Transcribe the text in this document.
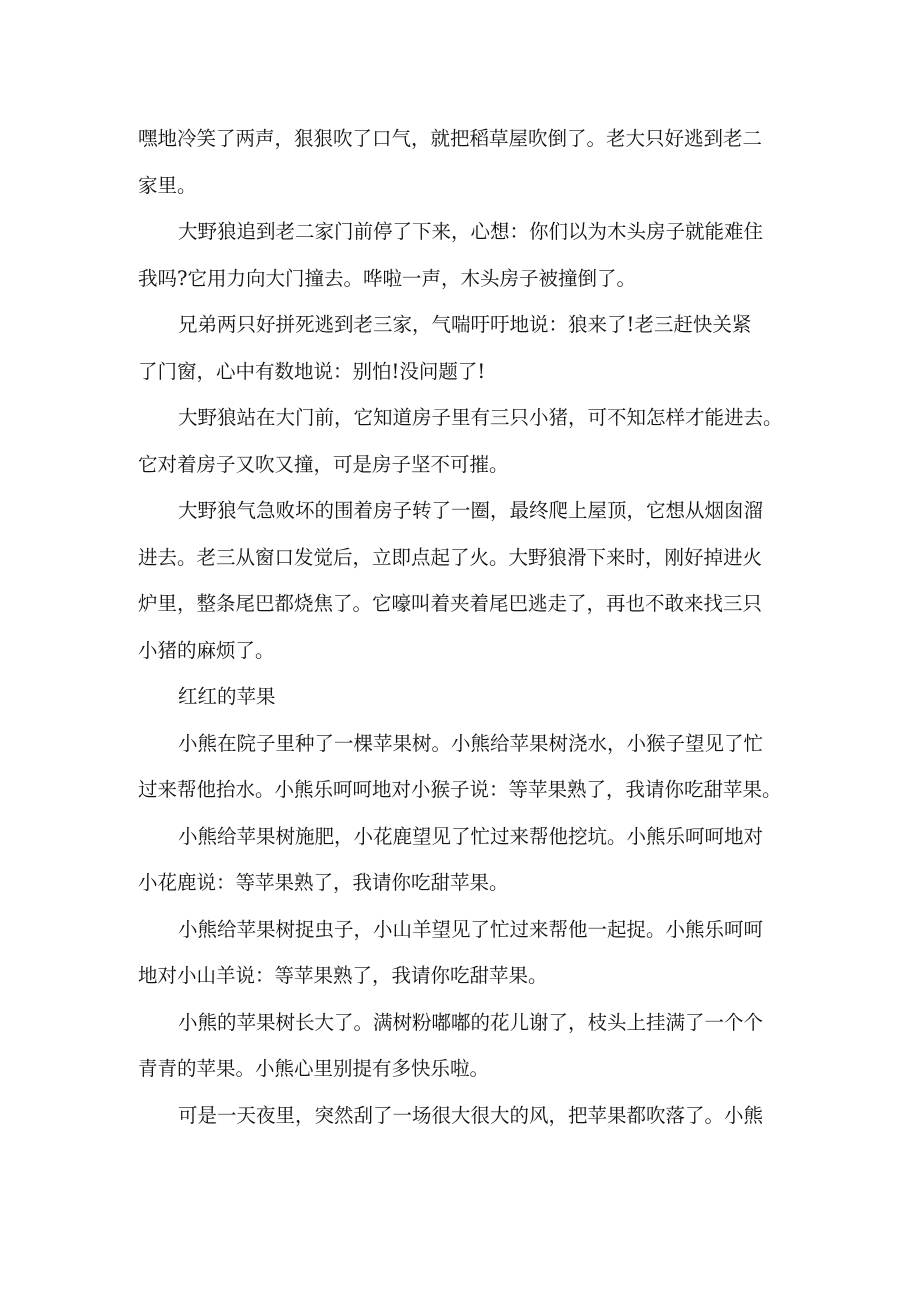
嘿地冷笑了两声，狠狠吹了口气，就把稻草屋吹倒了。老大只好逃到老二
家里。
大野狼追到老二家门前停了下来，心想：你们以为木头房子就能难住
我吗?它用力向大门撞去。哗啦一声，木头房子被撞倒了。
兄弟两只好拼死逃到老三家，气喘吁吁地说：狼来了!老三赶快关紧
了门窗，心中有数地说：别怕!没问题了!
大野狼站在大门前，它知道房子里有三只小猪，可不知怎样才能进去。
它对着房子又吹又撞，可是房子坚不可摧。
大野狼气急败坏的围着房子转了一圈，最终爬上屋顶，它想从烟囱溜
进去。老三从窗口发觉后，立即点起了火。大野狼滑下来时，刚好掉进火
炉里，整条尾巴都烧焦了。它嚎叫着夹着尾巴逃走了，再也不敢来找三只
小猪的麻烦了。
红红的苹果
小熊在院子里种了一棵苹果树。小熊给苹果树浇水，小猴子望见了忙
过来帮他抬水。小熊乐呵呵地对小猴子说：等苹果熟了，我请你吃甜苹果。
小熊给苹果树施肥，小花鹿望见了忙过来帮他挖坑。小熊乐呵呵地对
小花鹿说：等苹果熟了，我请你吃甜苹果。
小熊给苹果树捉虫子，小山羊望见了忙过来帮他一起捉。小熊乐呵呵
地对小山羊说：等苹果熟了，我请你吃甜苹果。
小熊的苹果树长大了。满树粉嘟嘟的花儿谢了，枝头上挂满了一个个
青青的苹果。小熊心里别提有多快乐啦。
可是一天夜里，突然刮了一场很大很大的风，把苹果都吹落了。小熊
